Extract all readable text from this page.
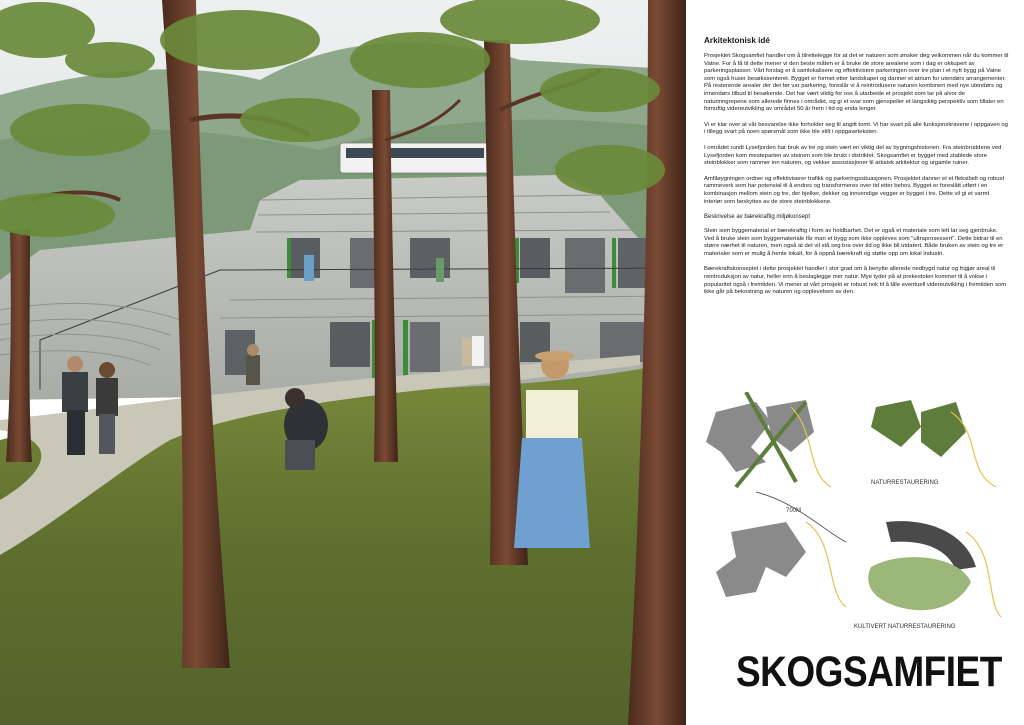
Arkitektonisk idé

Prosjektet Skogsamfiet handler om å tilrettelegge for at det er naturen som ønsker deg velkommen når du kommer til Vatne. For å få til dette mener vi den beste måten er å bruke de store arealene som i dag er okkupert av parkeringsplasser. Vårt forslag er å samlokalisere og effektivisere parkeringen over tre plan i et nytt bygg på Vatne som også huser besøkssenteret. Bygget er formet etter landskapet og danner et atrium for utendørs arrangementer. På resterende arealer der det før var parkering, foreslår vi å reintrodusere naturen kombinert med nye utendørs og innendørs tilbud til besøkende. Det har vært viktig for oss å utarbeide et prosjekt som tar på alvor de naturinngrepene som allerede finnes i området, og gi et svar som gjenspeiler et langsiktig perspektiv som tillater en fornuftig videreutvikling av området 50 år frem i tid og enda lenger.

Vi er klar over at vår besvarelse ikke forholder seg til angitt tomt. Vi har svart på alle funksjonskravene i oppgaven og i tillegg svart på noen spørsmål som ikke ble stilt i oppgaveteksten.

I området rundt Lysefjorden har bruk av tre og stein vært en viktig del av bygningshistorien. Fra steinbruddene ved Lysefjorden kom mesteparten av steinen som ble brukt i distriktet. Skogsamfiet er bygget med stablede store steinblokker som rammer inn naturen, og vekker assosiasjoner til arkaisk arkitektur og urgamle ruiner.

Amfiløygningen ordner og effektiviserer trafikk og parkeringssituasjonen. Prosjektet danner et et fleksibelt og robust rammeverk som har potensial til å endres og transformeres over tid etter behov. Bygget er foreslått utført i en kombinasjon mellom stein og tre, der bjelker, dekker og innvendige vegger er bygget i tre. Dette vil gi et varmt interiør som beskyttes av de store steinblokkene.

Beskrivelse av bærekraftig miljøkonsept

Stein som byggematerial er bærekraftig i form av holdbarhet. Det er også et materiale som lett lar seg gjenbruke. Ved å bruke stein som byggemateriale får man et bygg som ikke oppleves som "ultraprosessert". Dette bidrar til en større nærhet til naturen, men også at det vil stå seg bra over tid og ikke bli utdatert. Både bruken av stein og tre er materialer som er mulig å hente lokalt, for å oppnå bærekraft og støtte opp om lokal industri.

Bærekraftskonseptet i dette prosjektet handler i stor grad om å benytte allerede nedbygd natur og frigjør areal til reintroduksjon av natur, heller enn å beslaglegge mer natur. Mye tyder på at prekestolen kommer til å vokse i popularitet også i fremtiden. Vi mener at vårt prosjekt er robust nok til å tåle eventuell videreutvikling i fremtiden som ikke går på bekostning av naturen og opplevelsen av den.

NATURRESTAURERING
700M
KULTIVERT NATURRESTAURERING
SKOGSAMFIET
